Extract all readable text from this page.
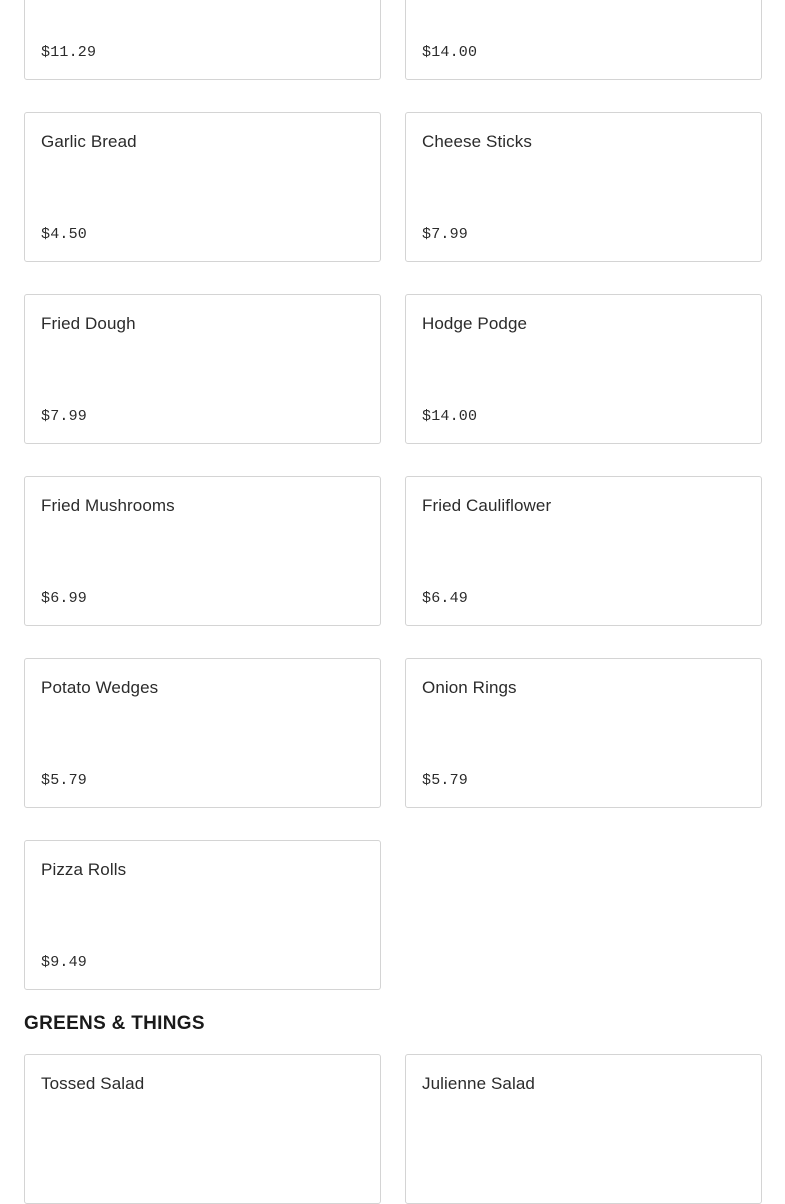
$11.29	$14.00
Garlic Bread
$4.50
Cheese Sticks
$7.99
Fried Dough
$7.99
Hodge Podge
$14.00
Fried Mushrooms
$6.99
Fried Cauliflower
$6.49
Potato Wedges
$5.79
Onion Rings
$5.79
Pizza Rolls
$9.49
GREENS & THINGS
Tossed Salad	Julienne Salad
